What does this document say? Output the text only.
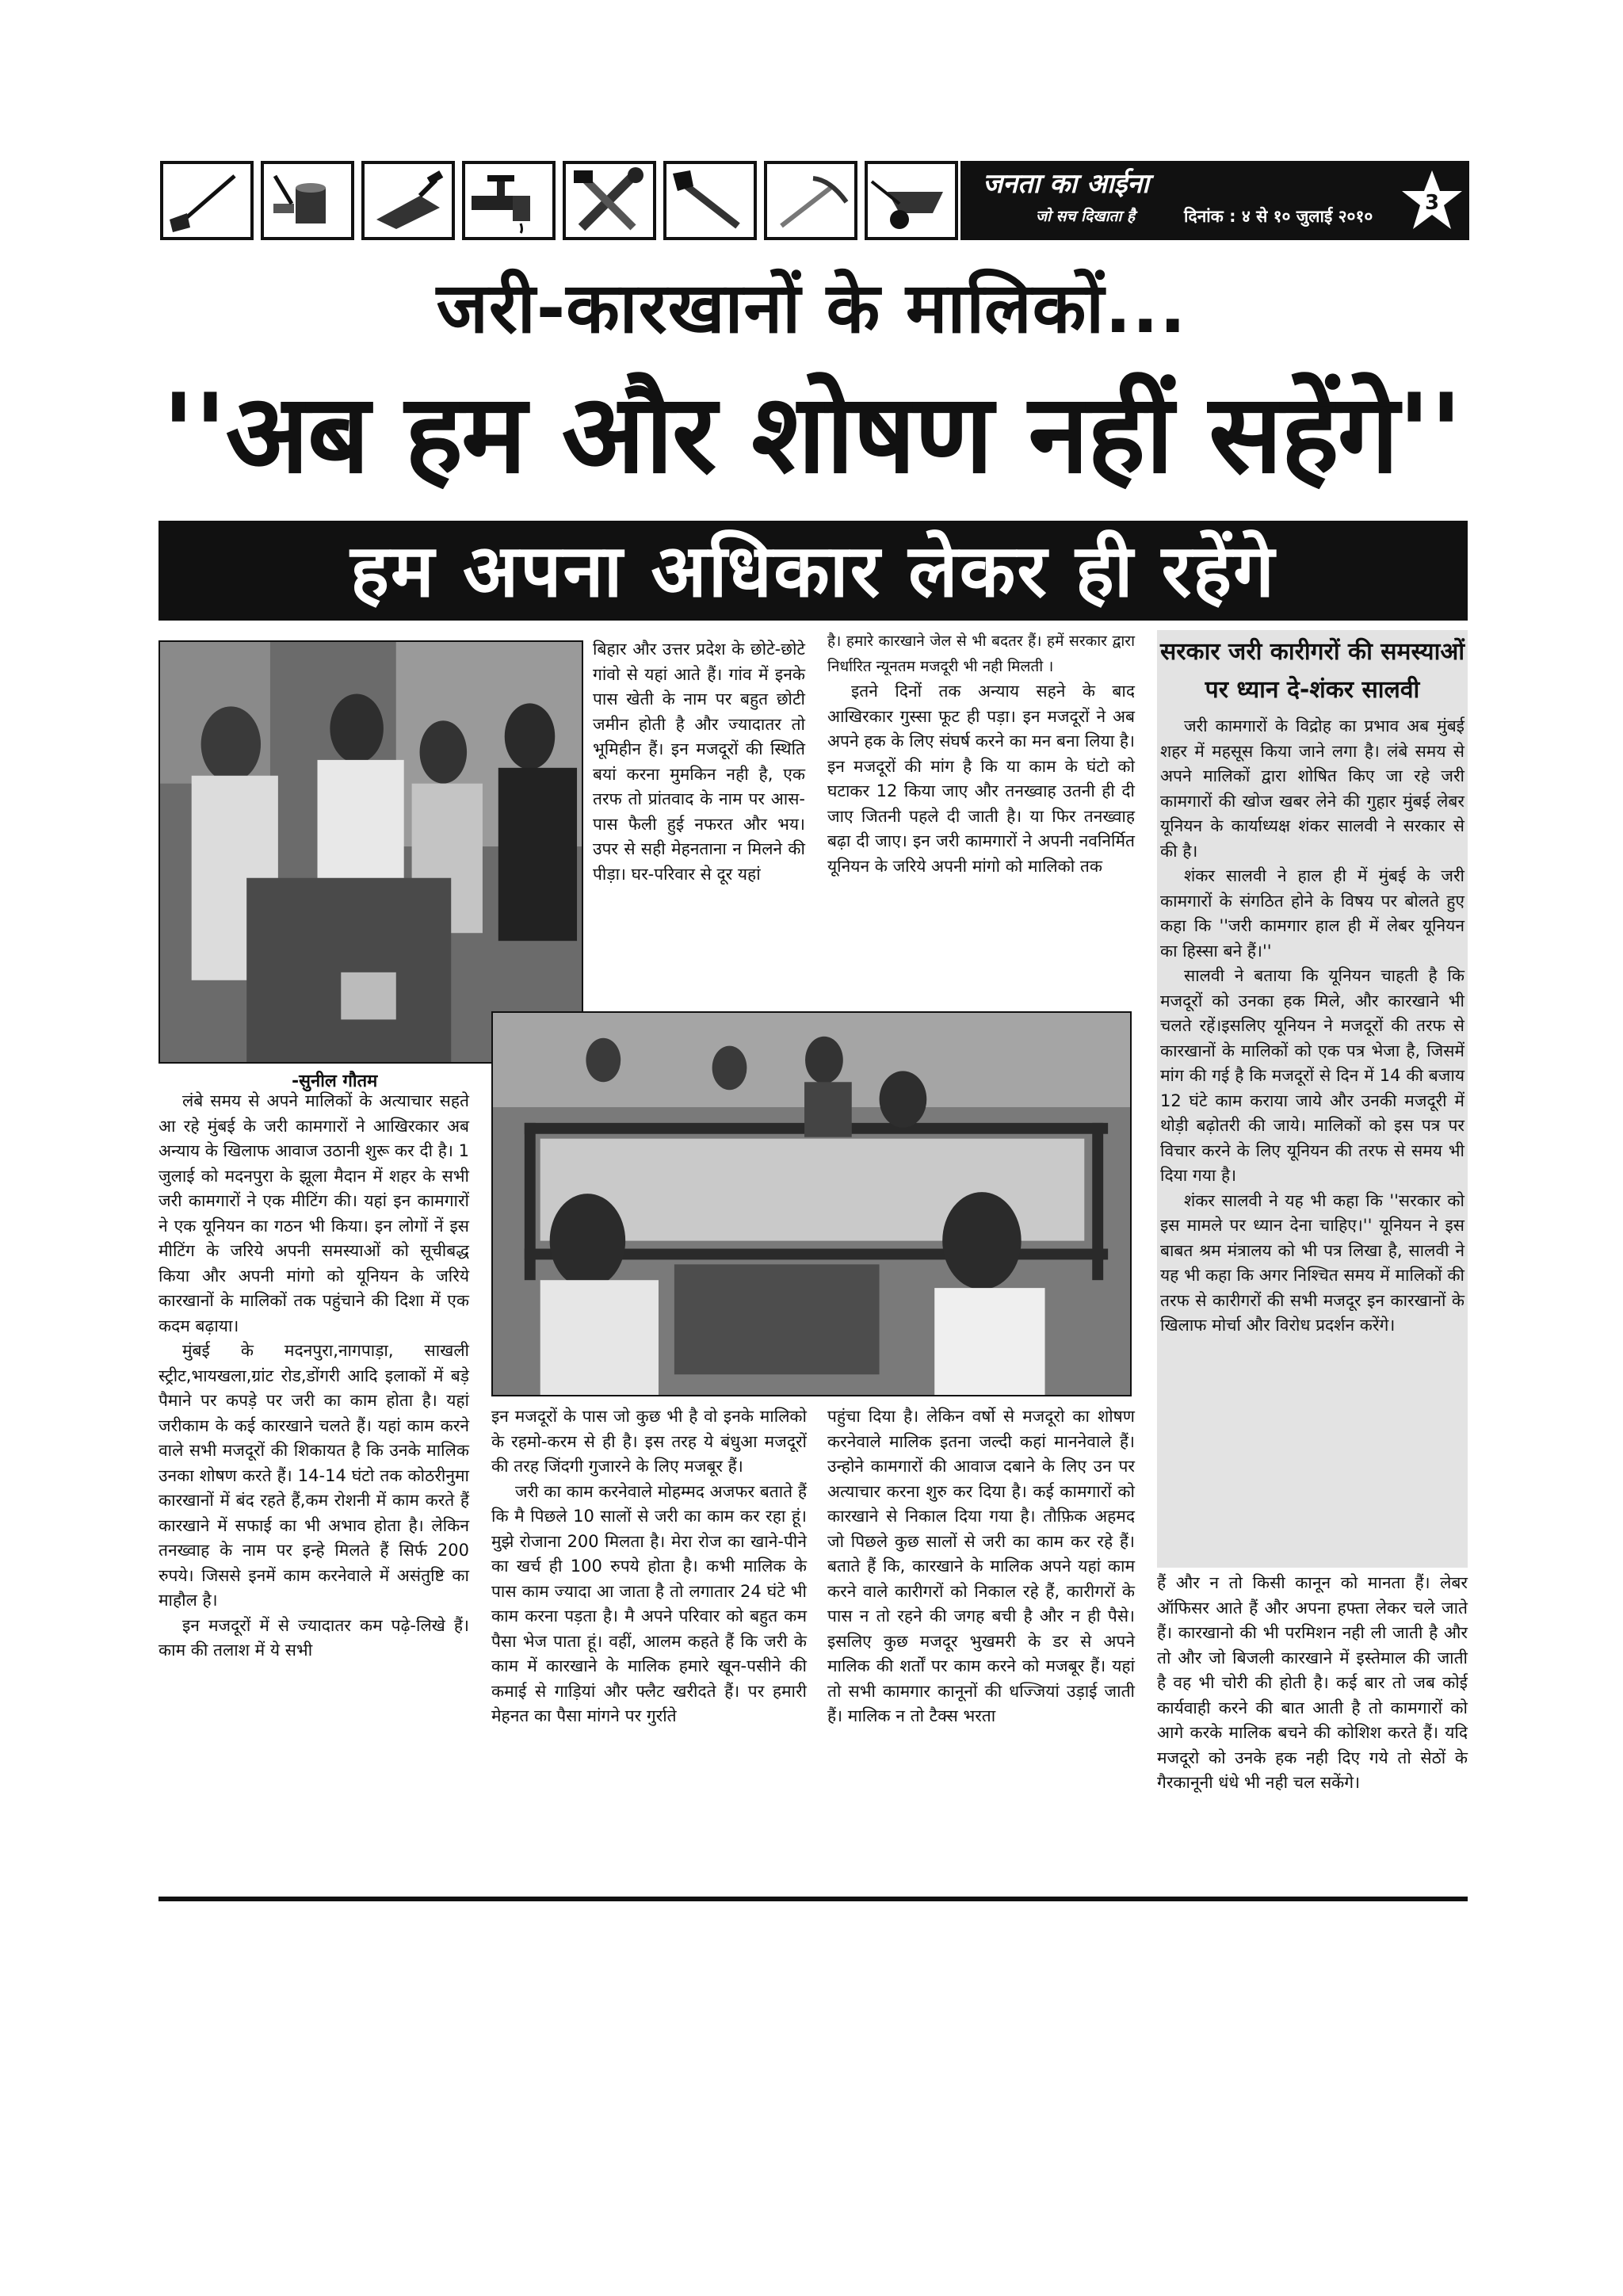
जनता का आईना
जो सच दिखाता है	दिनांक : ४ से १० जुलाई २०१०
3
जरी-कारखानों के मालिकों...
''अब हम और शोषण नहीं सहेंगे''
हम अपना अधिकार लेकर ही रहेंगे
-सुनील गौतम

लंबे समय से अपने मालिकों के अत्याचार सहते आ रहे मुंबई के जरी कामगारों ने आखिरकार अब अन्याय के खिलाफ आवाज उठानी शुरू कर दी है। 1 जुलाई को मदनपुरा के झूला मैदान में शहर के सभी जरी कामगारों ने एक मीटिंग की। यहां इन कामगारों ने एक यूनियन का गठन भी किया। इन लोगों नें इस मीटिंग के जरिये अपनी समस्याओं को सूचीबद्ध किया और अपनी मांगो को यूनियन के जरिये कारखानों के मालिकों तक पहुंचाने की दिशा में एक कदम बढ़ाया।

मुंबई के मदनपुरा,नागपाड़ा, साखली स्ट्रीट,भायखला,ग्रांट रोड,डोंगरी आदि इलाकों में बड़े पैमाने पर कपड़े पर जरी का काम होता है। यहां जरीकाम के कई कारखाने चलते हैं। यहां काम करने वाले सभी मजदूरों की शिकायत है कि उनके मालिक उनका शोषण करते हैं। 14-14 घंटो तक कोठरीनुमा कारखानों में बंद रहते हैं,कम रोशनी में काम करते हैं कारखाने में सफाई का भी अभाव होता है। लेकिन तनख्वाह के नाम पर इन्हे मिलते हैं सिर्फ 200 रुपये। जिससे इनमें काम करनेवाले में असंतुष्टि का माहौल है।

इन मजदूरों में से ज्यादातर कम पढ़े-लिखे हैं। काम की तलाश में ये सभी

बिहार और उत्तर प्रदेश के छोटे-छोटे गांवो से यहां आते हैं। गांव में इनके पास खेती के नाम पर बहुत छोटी जमीन होती है और ज्यादातर तो भूमिहीन हैं। इन मजदूरों की स्थिति बयां करना मुमकिन नही है, एक तरफ तो प्रांतवाद के नाम पर आस-पास फैली हुई नफरत और भय। उपर से सही मेहनताना न मिलने की पीड़ा। घर-परिवार से दूर यहां

है। हमारे कारखाने जेल से भी बदतर हैं। हमें सरकार द्वारा निर्धारित न्यूनतम मजदूरी भी नही मिलती ।

इतने दिनों तक अन्याय सहने के बाद आखिरकार गुस्सा फूट ही पड़ा। इन मजदूरों ने अब अपने हक के लिए संघर्ष करने का मन बना लिया है। इन मजदूरों की मांग है कि या काम के घंटो को घटाकर 12 किया जाए और तनख्वाह उतनी ही दी जाए जितनी पहले दी जाती है। या फिर तनख्वाह बढ़ा दी जाए। इन जरी कामगारों ने अपनी नवनिर्मित यूनियन के जरिये अपनी मांगो को मालिको तक

इन मजदूरों के पास जो कुछ भी है वो इनके मालिको के रहमो-करम से ही है। इस तरह ये बंधुआ मजदूरों की तरह जिंदगी गुजारने के लिए मजबूर हैं।

जरी का काम करनेवाले मोहम्मद अजफर बताते हैं कि मै पिछले 10 सालों से जरी का काम कर रहा हूं। मुझे रोजाना 200 मिलता है। मेरा रोज का खाने-पीने का खर्च ही 100 रुपये होता है। कभी मालिक के पास काम ज्यादा आ जाता है तो लगातार 24 घंटे भी काम करना पड़ता है। मै अपने परिवार को बहुत कम पैसा भेज पाता हूं। वहीं, आलम कहते हैं कि जरी के काम में कारखाने के मालिक हमारे खून-पसीने की कमाई से गाड़ियां और फ्लैट खरीदते हैं। पर हमारी मेहनत का पैसा मांगने पर गुर्राते

पहुंचा दिया है। लेकिन वर्षो से मजदूरो का शोषण करनेवाले मालिक इतना जल्दी कहां माननेवाले हैं। उन्होने कामगारों की आवाज दबाने के लिए उन पर अत्याचार करना शुरु कर दिया है। कई कामगारों को कारखाने से निकाल दिया गया है। तौफ़िक अहमद जो पिछले कुछ सालों से जरी का काम कर रहे हैं। बताते हैं कि, कारखाने के मालिक अपने यहां काम करने वाले कारीगरों को निकाल रहे हैं, कारीगरों के पास न तो रहने की जगह बची है और न ही पैसे। इसलिए कुछ मजदूर भुखमरी के डर से अपने मालिक की शर्तों पर काम करने को मजबूर हैं। यहां तो सभी कामगार कानूनों की धज्जियां उड़ाई जाती हैं। मालिक न तो टैक्स भरता

सरकार जरी कारीगरों की समस्याओं पर ध्यान दे-शंकर सालवी

जरी कामगारों के विद्रोह का प्रभाव अब मुंबई शहर में महसूस किया जाने लगा है। लंबे समय से अपने मालिकों द्वारा शोषित किए जा रहे जरी कामगारों की खोज खबर लेने की गुहार मुंबई लेबर यूनियन के कार्याध्यक्ष शंकर सालवी ने सरकार से की है।

शंकर सालवी ने हाल ही में मुंबई के जरी कामगारों के संगठित होने के विषय पर बोलते हुए कहा कि ''जरी कामगार हाल ही में लेबर यूनियन का हिस्सा बने हैं।''

सालवी ने बताया कि यूनियन चाहती है कि मजदूरों को उनका हक मिले, और कारखाने भी चलते रहें।इसलिए यूनियन ने मजदूरों की तरफ से कारखानों के मालिकों को एक पत्र भेजा है, जिसमें मांग की गई है कि मजदूरों से दिन में 14 की बजाय 12 घंटे काम कराया जाये और उनकी मजदूरी में थोड़ी बढ़ोतरी की जाये। मालिकों को इस पत्र पर विचार करने के लिए यूनियन की तरफ से समय भी दिया गया है।

शंकर सालवी ने यह भी कहा कि ''सरकार को इस मामले पर ध्यान देना चाहिए।'' यूनियन ने इस बाबत श्रम मंत्रालय को भी पत्र लिखा है, सालवी ने यह भी कहा कि अगर निश्चित समय में मालिकों की तरफ से कारीगरों की सभी मजदूर इन कारखानों के खिलाफ मोर्चा और विरोध प्रदर्शन करेंगे।

हैं और न तो किसी कानून को मानता हैं। लेबर ऑफिसर आते हैं और अपना हफ्ता लेकर चले जाते हैं। कारखानो की भी परमिशन नही ली जाती है और तो और जो बिजली कारखाने में इस्तेमाल की जाती है वह भी चोरी की होती है। कई बार तो जब कोई कार्यवाही करने की बात आती है तो कामगारों को आगे करके मालिक बचने की कोशिश करते हैं। यदि मजदूरो को उनके हक नही दिए गये तो सेठों के गैरकानूनी धंधे भी नही चल सकेंगे।
